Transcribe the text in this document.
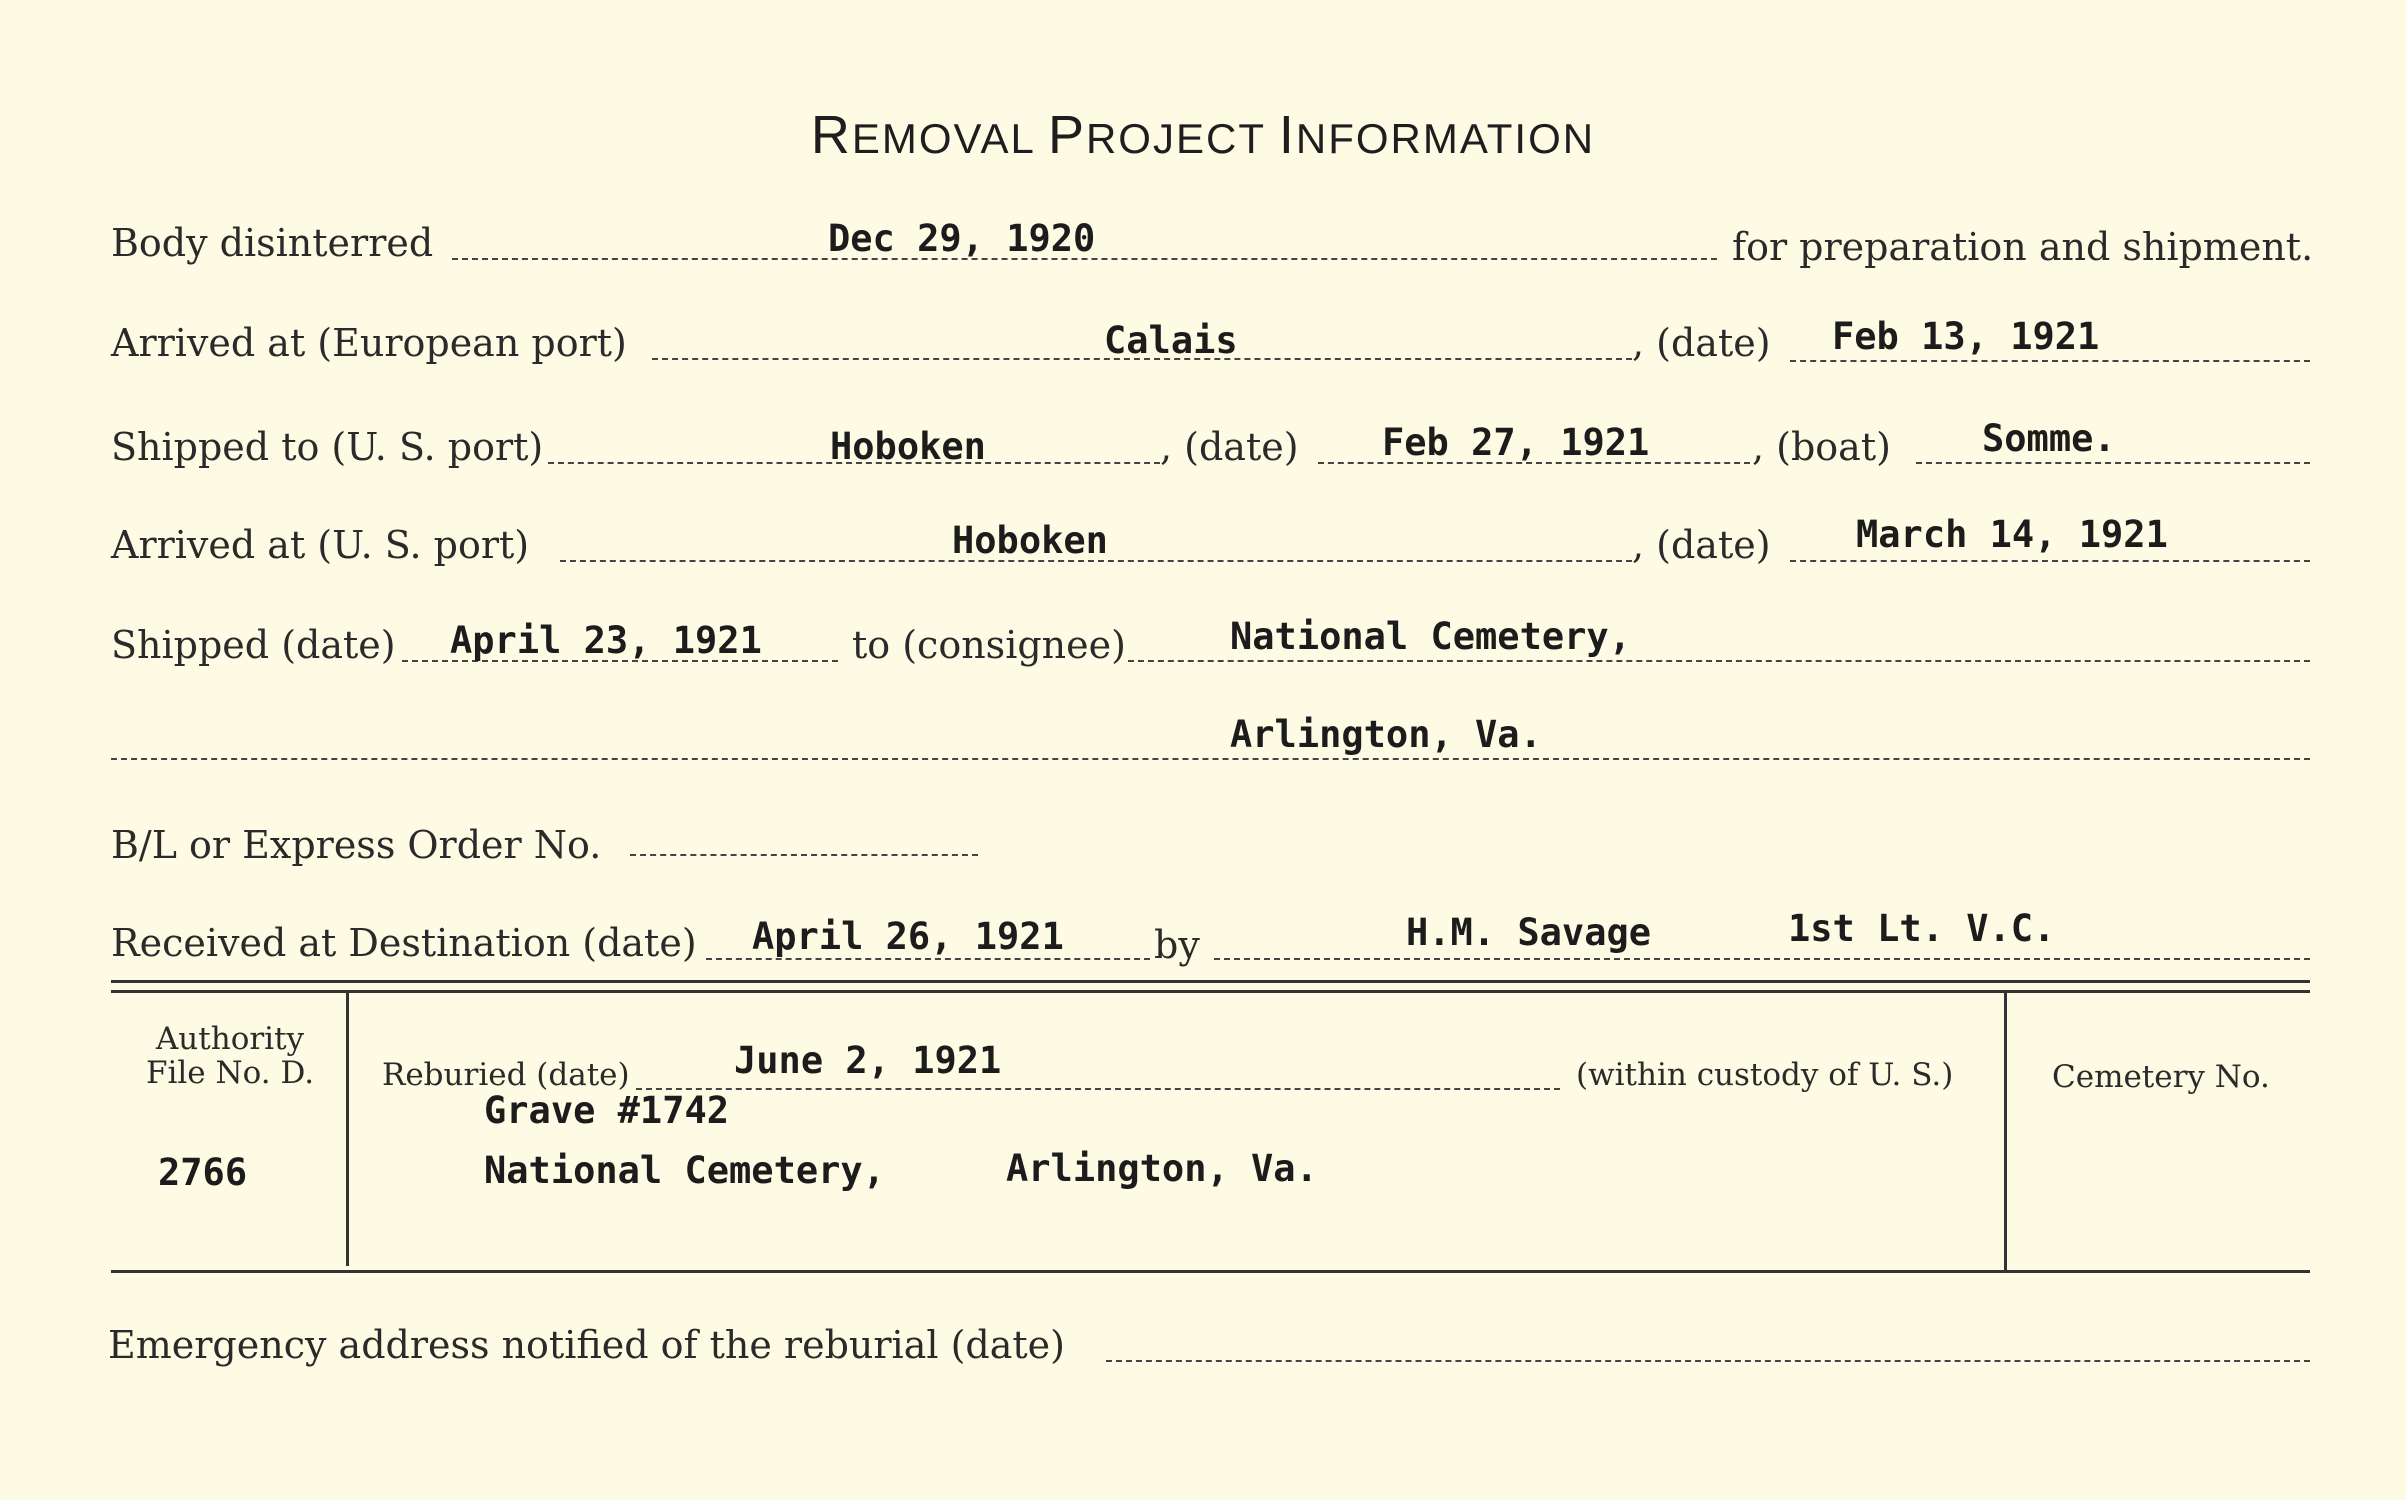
REMOVAL PROJECT INFORMATION
Body disinterred	Dec 29, 1920	for preparation and shipment.
Arrived at (European port)	Calais	, (date) Feb 13, 1921
Shipped to (U. S. port)	Hoboken	, (date) Feb 27, 1921	, (boat) Somme.
Arrived at (U. S. port)	Hoboken	, (date) March 14, 1921
Shipped (date) April 23, 1921 to (consignee)	National Cemetery,
Arlington, Va.
B/L or Express Order No.
Received at Destination (date) April 26, 1921 by	H.M. Savage	1st Lt. V.C.
Authority
File No. D.
2766
Reburied (date)	June 2, 1921	(within custody of U. S.)
Grave #1742
National Cemetery,	Arlington, Va.
Cemetery No.
Emergency address notified of the reburial (date)
